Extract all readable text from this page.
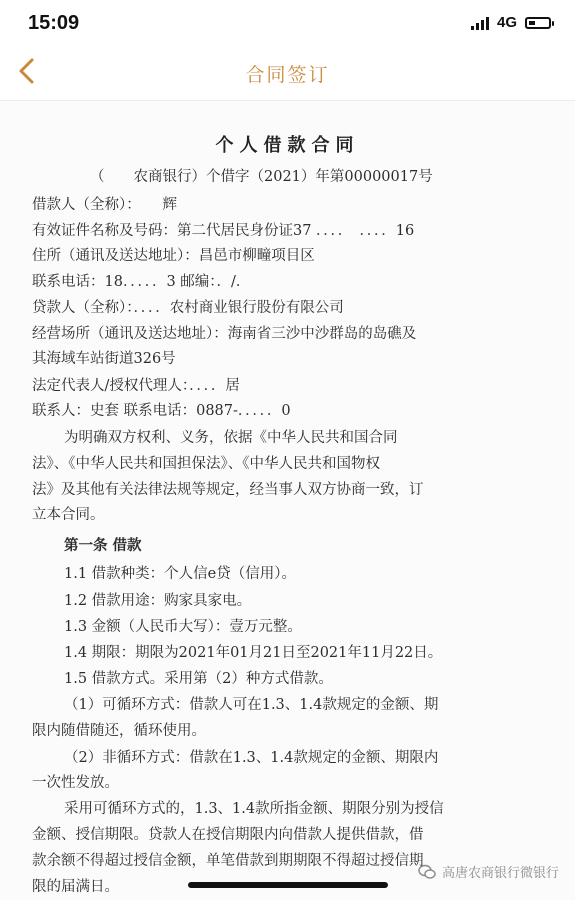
15:09	4G
合同签订
个人借款合同
（　　农商银行）个借字（2021）年第00000017号
借款人（全称）：　　辉
有效证件名称及号码：第二代居民身份证37 ．．．．　．．．．16
住所（通讯及送达地址）：昌邑市柳疃项目区
联系电话：18．．．．．3 邮编：．/．
贷款人（全称）：．．．．农村商业银行股份有限公司
经营场所（通讯及送达地址）：海南省三沙中沙群岛的岛礁及
其海域车站街道326号
法定代表人/授权代理人：．．．．居
联系人：史套 联系电话：0887-．．．．．0
为明确双方权利、义务，依据《中华人民共和国合同
法》、《中华人民共和国担保法》、《中华人民共和国物权
法》及其他有关法律法规等规定，经当事人双方协商一致，订
立本合同。
第一条 借款
1.1 借款种类：个人信e贷（信用）。
1.2 借款用途：购家具家电。
1.3 金额（人民币大写）：壹万元整。
1.4 期限：期限为2021年01月21日至2021年11月22日。
1.5 借款方式。采用第（2）种方式借款。
（1）可循环方式：借款人可在1.3、1.4款规定的金额、期
限内随借随还，循环使用。
（2）非循环方式：借款在1.3、1.4款规定的金额、期限内
一次性发放。
采用可循环方式的，1.3、1.4款所指金额、期限分别为授信
金额、授信期限。贷款人在授信期限内向借款人提供借款，借
款余额不得超过授信金额，单笔借款到期期限不得超过授信期
限的届满日。
高唐农商银行微银行
